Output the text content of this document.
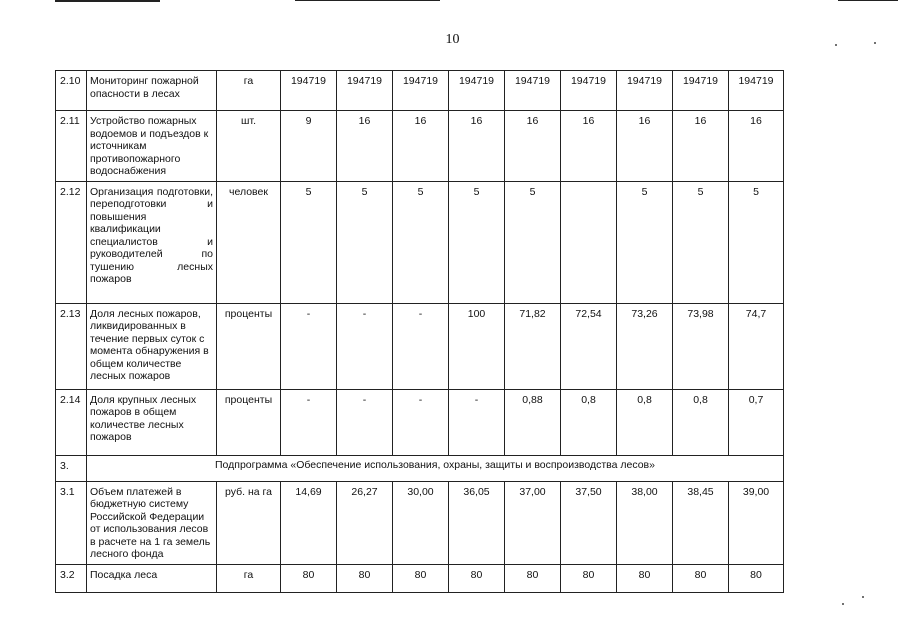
10
2.10	Мониторинг пожарной опасности в лесах	га	194719	194719	194719	194719	194719	194719	194719	194719	194719
2.11	Устройство пожарных водоемов и подъездов к источникам противопожарного водоснабжения	шт.	9	16	16	16	16	16	16	16	16
2.12	Организация подготовки, переподготовки и повышения квалификации специалистов и руководителей по тушению лесных пожаров	человек	5	5	5	5	5		5	5	5
2.13	Доля лесных пожаров, ликвидированных в течение первых суток с момента обнаружения в общем количестве лесных пожаров	проценты	-	-	-	100	71,82	72,54	73,26	73,98	74,7
2.14	Доля крупных лесных пожаров в общем количестве лесных пожаров	проценты	-	-	-	-	0,88	0,8	0,8	0,8	0,7
3.	Подпрограмма «Обеспечение использования, охраны, защиты и воспроизводства лесов»										
3.1	Объем платежей в бюджетную систему Российской Федерации от использования лесов в расчете на 1 га земель лесного фонда	руб. на га	14,69	26,27	30,00	36,05	37,00	37,50	38,00	38,45	39,00
3.2	Посадка леса	га	80	80	80	80	80	80	80	80	80
